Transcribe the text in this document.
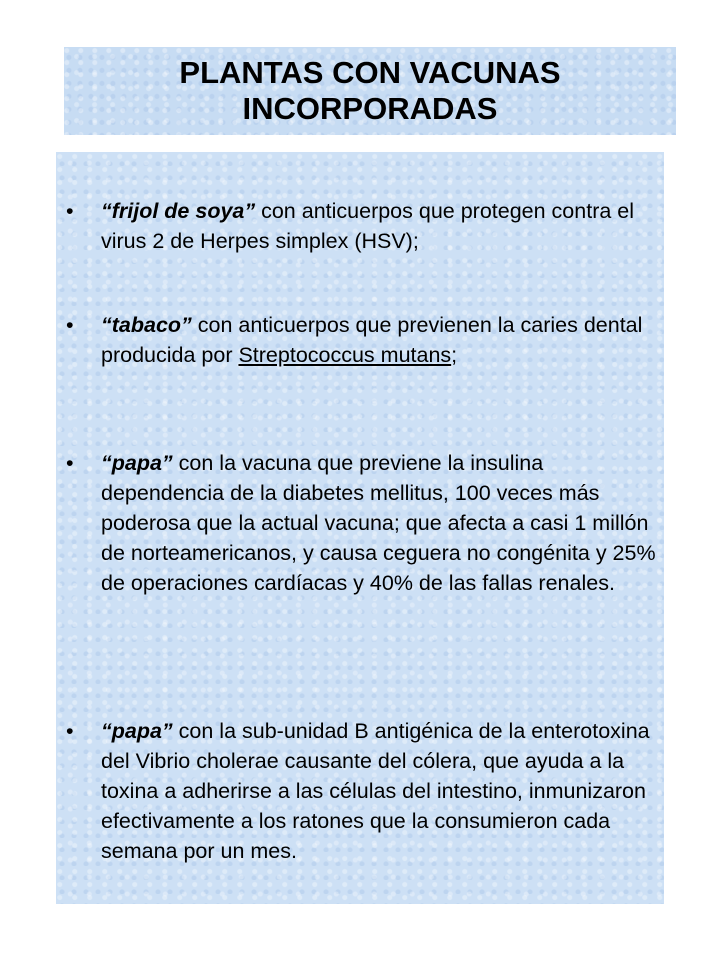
PLANTAS CON VACUNAS INCORPORADAS
• “frijol de soya” con anticuerpos que protegen contra el virus 2 de Herpes simplex (HSV);
• “tabaco” con anticuerpos que previenen la caries dental producida por Streptococcus mutans;
• “papa” con la vacuna que previene la insulina dependencia de la diabetes mellitus, 100 veces más poderosa que la actual vacuna; que afecta a casi 1 millón de norteamericanos, y causa ceguera no congénita y 25% de operaciones cardíacas y 40% de las fallas renales.
• “papa” con la sub-unidad B antigénica de la enterotoxina del Vibrio cholerae causante del cólera, que ayuda a la toxina a adherirse a las células del intestino, inmunizaron efectivamente a los ratones que la consumieron cada semana por un mes.
